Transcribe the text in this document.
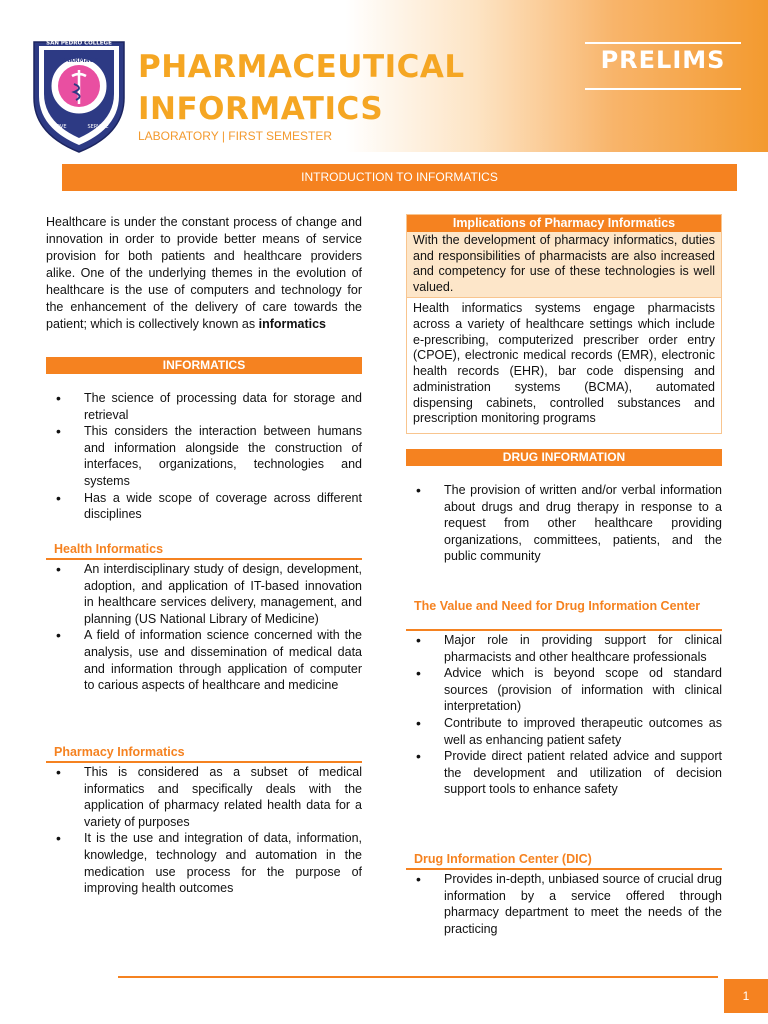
PHARMACY
SAN PEDRO COLLEGE
LOVE	SERVICE
PHARMACEUTICAL
INFORMATICS
LABORATORY | FIRST SEMESTER
PRELIMS
INTRODUCTION TO INFORMATICS

Healthcare is under the constant process of change and innovation in order to provide better means of service provision for both patients and healthcare providers alike. One of the underlying themes in the evolution of healthcare is the use of computers and technology for the enhancement of the delivery of care towards the patient; which is collectively known as informatics

INFORMATICS
• The science of processing data for storage and retrieval
• This considers the interaction between humans and information alongside the construction of interfaces, organizations, technologies and systems
• Has a wide scope of coverage across different disciplines
Health Informatics
• An interdisciplinary study of design, development, adoption, and application of IT-based innovation in healthcare services delivery, management, and planning (US National Library of Medicine)
• A field of information science concerned with the analysis, use and dissemination of medical data and information through application of computer to carious aspects of healthcare and medicine
Pharmacy Informatics
• This is considered as a subset of medical informatics and specifically deals with the application of pharmacy related health data for a variety of purposes
• It is the use and integration of data, information, knowledge, technology and automation in the medication use process for the purpose of improving health outcomes
Implications of Pharmacy Informatics
With the development of pharmacy informatics, duties and responsibilities of pharmacists are also increased and competency for use of these technologies is well valued.
Health informatics systems engage pharmacists across a variety of healthcare settings which include e-prescribing, computerized prescriber order entry (CPOE), electronic medical records (EMR), electronic health records (EHR), bar code dispensing and administration systems (BCMA), automated dispensing cabinets, controlled substances and prescription monitoring programs
DRUG INFORMATION
• The provision of written and/or verbal information about drugs and drug therapy in response to a request from other healthcare providing organizations, committees, patients, and the public community
The Value and Need for Drug Information Center
• Major role in providing support for clinical pharmacists and other healthcare professionals
• Advice which is beyond scope od standard sources (provision of information with clinical interpretation)
• Contribute to improved therapeutic outcomes as well as enhancing patient safety
• Provide direct patient related advice and support the development and utilization of decision support tools to enhance safety
Drug Information Center (DIC)
• Provides in-depth, unbiased source of crucial drug information by a service offered through pharmacy department to meet the needs of the practicing
1
